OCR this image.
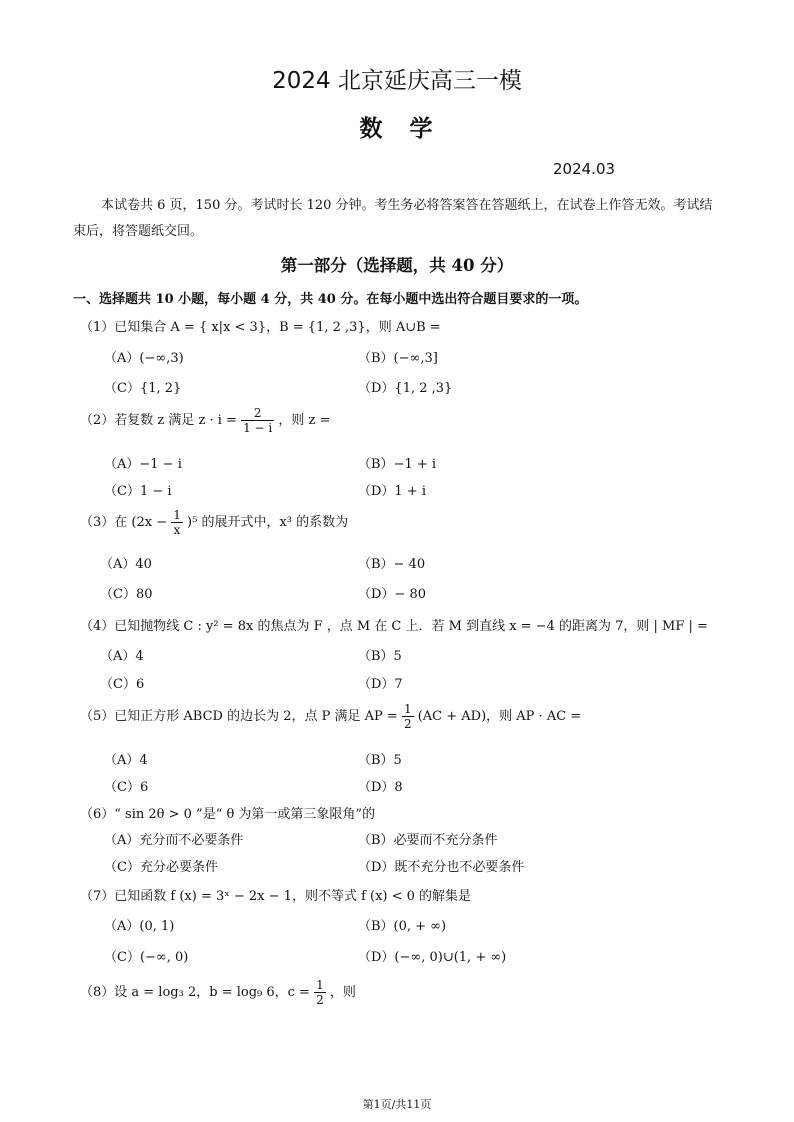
2024 北京延庆高三一模
数　学
2024.03
本试卷共 6 页，150 分。考试时长 120 分钟。考生务必将答案答在答题纸上，在试卷上作答无效。考试结束后，将答题纸交回。
第一部分（选择题，共 40 分）
一、选择题共 10 小题，每小题 4 分，共 40 分。在每小题中选出符合题目要求的一项。
（1）已知集合 A = { x|x < 3}，B = {1, 2 ,3}，则 A∪B =
（A）(−∞,3)	（B）(−∞,3]
（C）{1, 2}	（D）{1, 2 ,3}
（2）若复数 z 满足 $z \cdot i = \frac{2}{1 - i}$ ，则 z =
（A）−1 − i	（B）−1 + i
（C）1 − i	（D）1 + i
（3）在 $(2x - \frac{1}{x} )^5$ 的展开式中，x³ 的系数为
（A）40	（B）− 40
（C）80	（D）− 80
（4）已知抛物线 C : y² = 8x 的焦点为 F ，点 M 在 C 上．若 M 到直线 x = −4 的距离为 7，则 | MF | =
（A）4	（B）5
（C）6	（D）7
（5）已知正方形 ABCD 的边长为 2，点 P 满足 AP = $\frac{1}{2} (AC + AD)$，则 AP · AC =
（A）4	（B）5
（C）6	（D）8
（6）“ sin 2θ > 0 ”是“ θ 为第一或第三象限角”的
（A）充分而不必要条件	（B）必要而不充分条件
（C）充分必要条件	（D）既不充分也不必要条件
（7）已知函数 f (x) = 3ˣ − 2x − 1，则不等式 f (x) < 0 的解集是
（A）(0, 1)	（B）(0, + ∞)
（C）(−∞, 0)	（D）(−∞, 0)∪(1, + ∞)
（8）设 a = log₃ 2，b = log₉ 6，$c = \frac{1}{2}$ ，则
第1页/共11页
